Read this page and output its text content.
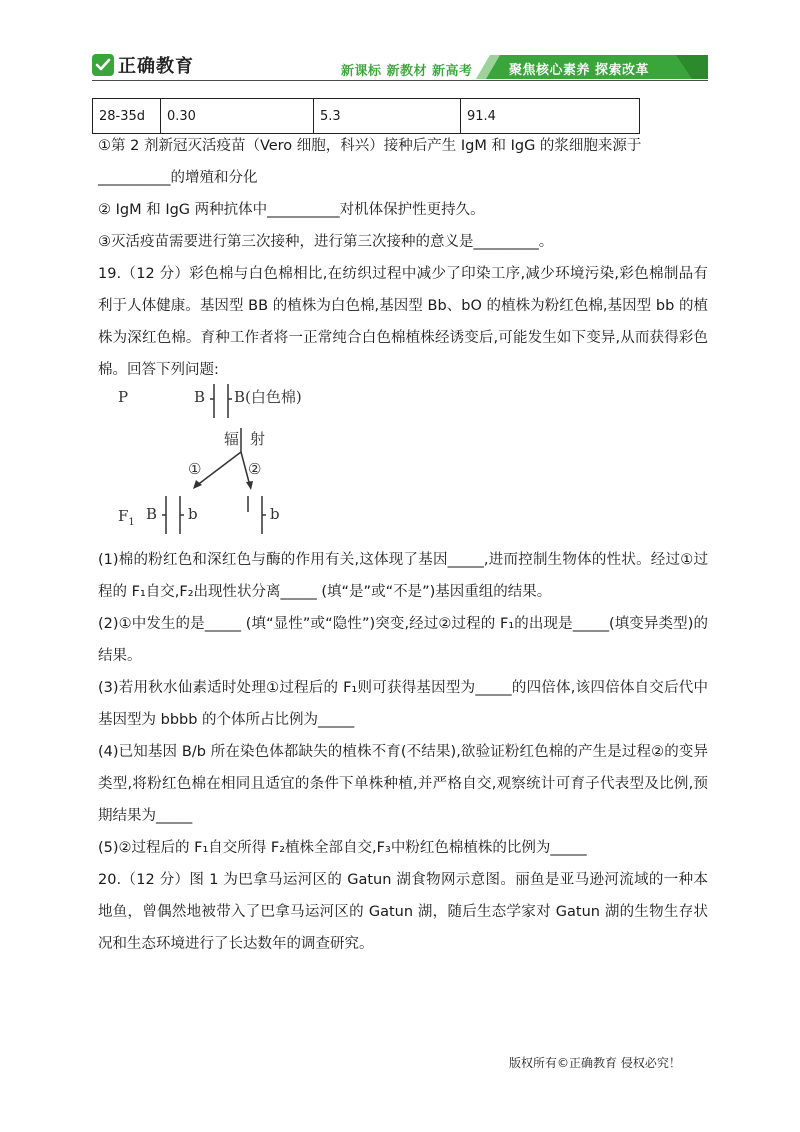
正确教育	新课标 新教材 新高考	聚焦核心素养 探索改革
28-35d	0.30	5.3	91.4
①第 2 剂新冠灭活疫苗（Vero 细胞，科兴）接种后产生 IgM 和 IgG 的浆细胞来源于
__________的增殖和分化
② IgM 和 IgG 两种抗体中__________对机体保护性更持久。
③灭活疫苗需要进行第三次接种，进行第三次接种的意义是_________。
19.（12 分）彩色棉与白色棉相比,在纺织过程中减少了印染工序,减少环境污染,彩色棉制品有利于人体健康。基因型 BB 的植株为白色棉,基因型 Bb、bO 的植株为粉红色棉,基因型 bb 的植株为深红色棉。育种工作者将一正常纯合白色棉植株经诱变后,可能发生如下变异,从而获得彩色棉。回答下列问题:
P	B B(白色棉)
辐 射
①	②
$F_1$ B b	b
(1)棉的粉红色和深红色与酶的作用有关,这体现了基因_____,进而控制生物体的性状。经过①过程的 F₁自交,F₂出现性状分离_____ (填“是”或“不是”)基因重组的结果。
(2)①中发生的是_____ (填“显性”或“隐性”)突变,经过②过程的 F₁的出现是_____(填变异类型)的结果。
(3)若用秋水仙素适时处理①过程后的 F₁则可获得基因型为_____的四倍体,该四倍体自交后代中基因型为 bbbb 的个体所占比例为_____
(4)已知基因 B/b 所在染色体都缺失的植株不育(不结果),欲验证粉红色棉的产生是过程②的变异类型,将粉红色棉在相同且适宜的条件下单株种植,并严格自交,观察统计可育子代表型及比例,预期结果为_____
(5)②过程后的 F₁自交所得 F₂植株全部自交,F₃中粉红色棉植株的比例为_____
20.（12 分）图 1 为巴拿马运河区的 Gatun 湖食物网示意图。丽鱼是亚马逊河流域的一种本地鱼，曾偶然地被带入了巴拿马运河区的 Gatun 湖，随后生态学家对 Gatun 湖的生物生存状况和生态环境进行了长达数年的调查研究。
版权所有©正确教育 侵权必究！
